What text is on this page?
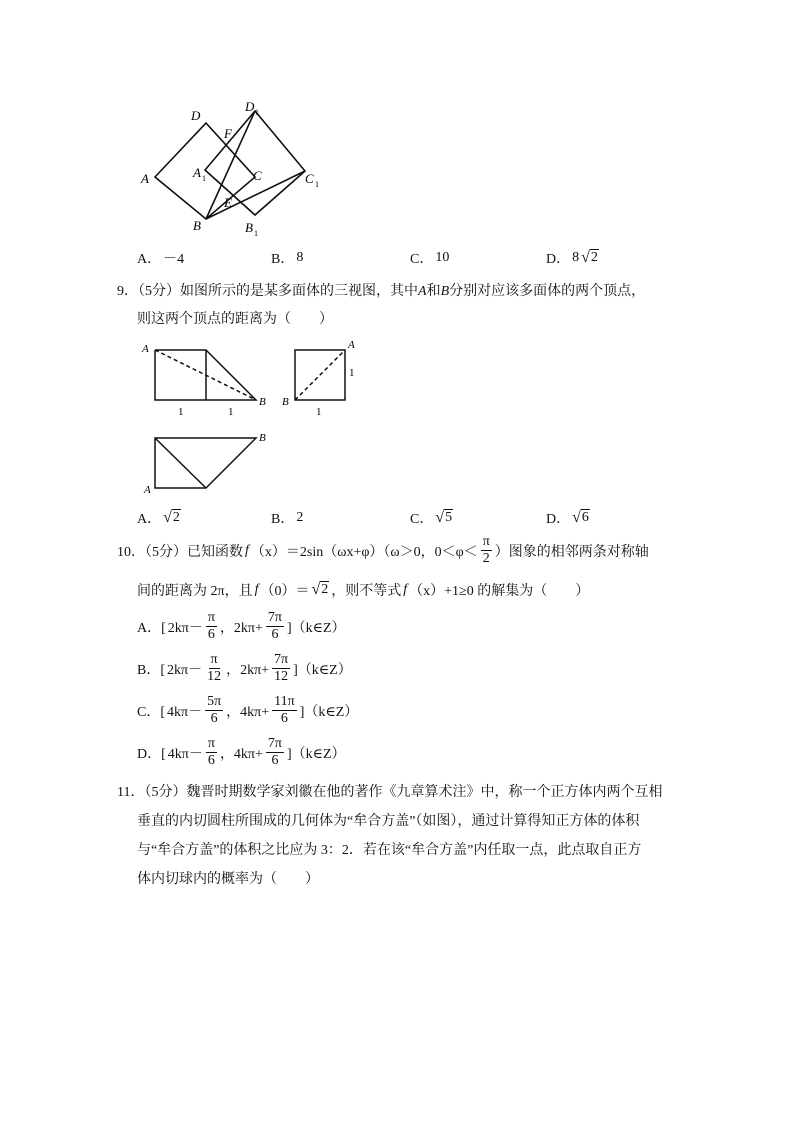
D
D 1
F
A	A 1	C	C 1
E
B	B 1
A． －4	B． 8	C． 10	D． 8 √ 2
9．（5分）如图所示的是某多面体的三视图，其中A和B分别对应该多面体的两个顶点，
则这两个顶点的距离为（　　）
A
B
1	1
A
B
1
1
B
A
A． √ 2	B． 2	C． √ 5	D． √ 6
10．（5分）已知函数 f （x）＝2sin（ωx+φ）（ω＞0，$0<\varphi< \frac{\pi}{2}$ ）图象的相邻两条对称轴
间的距离为 2π，且 f （0）＝ √ 2 ，则不等式 f （x）+1≥0 的解集为（　　）
A．[ $2k\pi- \frac{\pi}{6}$ ，$2k\pi+ \frac{7\pi}{6}$ ]（k∈Z）
B．[ $2k\pi- \frac{\pi}{12}$ ，$2k\pi+ \frac{7\pi}{12}$ ]（k∈Z）
C．[ $4k\pi- \frac{5\pi}{6}$ ，$4k\pi+ \frac{11\pi}{6}$ ]（k∈Z）
D．[ $4k\pi- \frac{\pi}{6}$ ，$4k\pi+ \frac{7\pi}{6}$ ]（k∈Z）
11．（5分）魏晋时期数学家刘徽在他的著作《九章算术注》中，称一个正方体内两个互相
垂直的内切圆柱所围成的几何体为“牟合方盖”（如图），通过计算得知正方体的体积
与“牟合方盖”的体积之比应为 3：2．若在该“牟合方盖”内任取一点，此点取自正方
体内切球内的概率为（　　）
